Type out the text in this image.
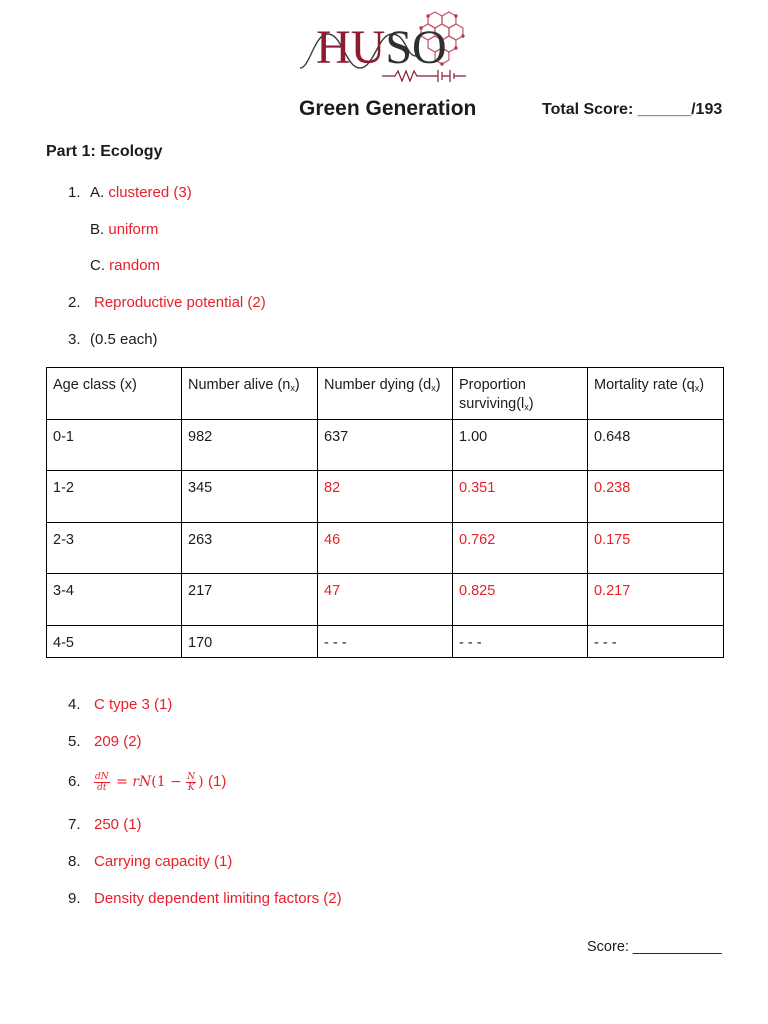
HUSO
Green Generation	Total Score: ______/193
Part 1: Ecology
1. A. clustered (3)
B. uniform
C. random
2. Reproductive potential (2)
3. (0.5 each)
Age class (x)	Number alive $(n_x)$	Number dying $(d_x)$	Proportion $surviving(l_x)$	Mortality rate $(q_x)$
0-1	982	637	1.00	0.648
1-2	345	82	0.351	0.238
2-3	263	46	0.762	0.175
3-4	217	47	0.825	0.217
4-5	170	- - -	- - -	- - -
4. C type 3 (1)
5. 209 (2)
6. $\frac{dN}{dt} = rN(1 - \frac{N}{K}$ ) (1)
7. 250 (1)
8. Carrying capacity (1)
9. Density dependent limiting factors (2)
Score: ___________
